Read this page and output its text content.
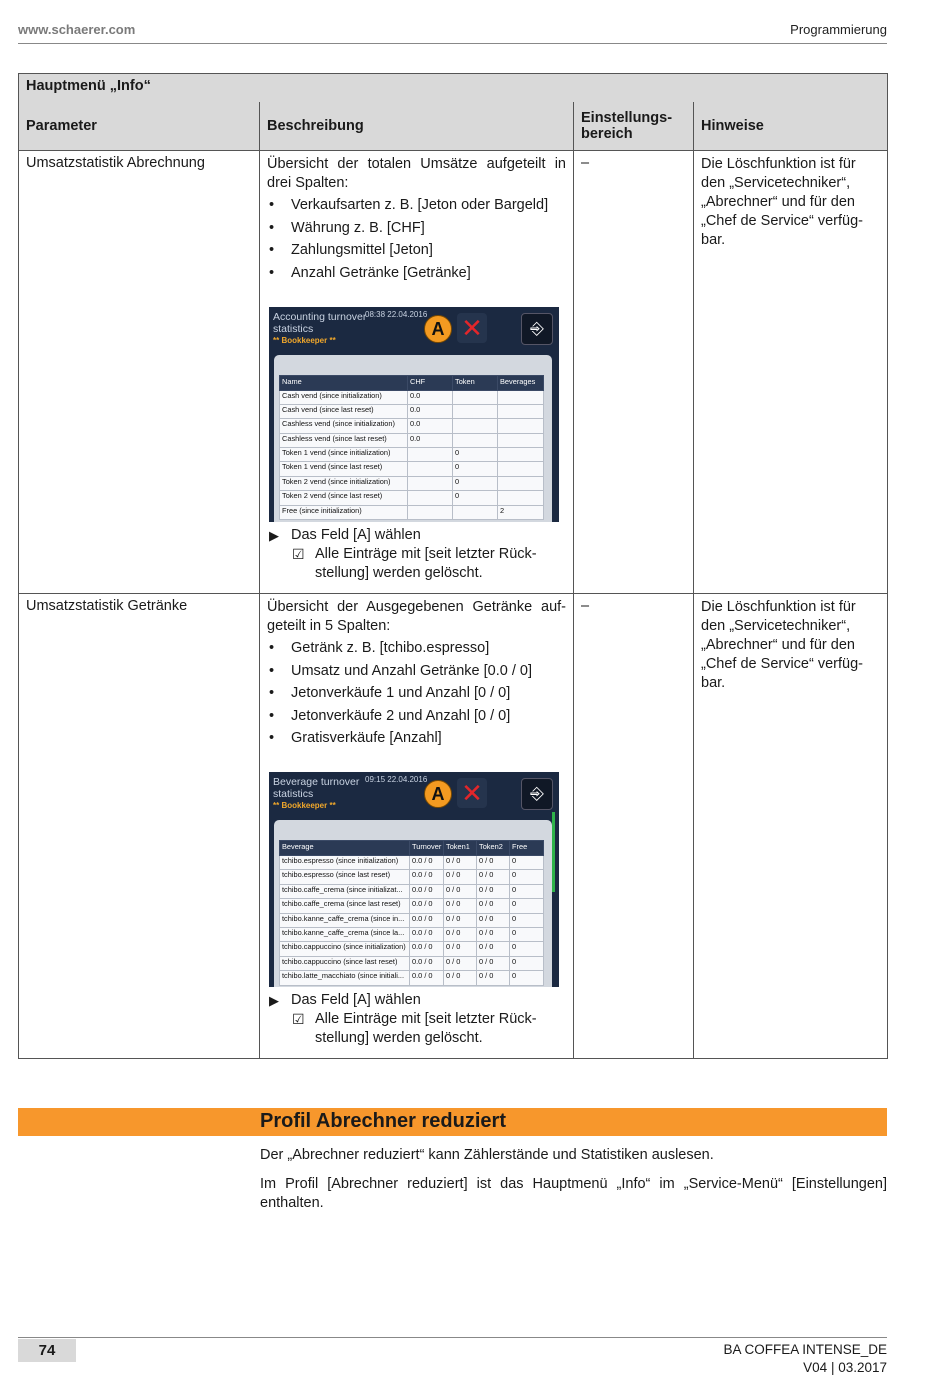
www.schaerer.com	Programmierung
Hauptmenü „Info“
Parameter	Beschreibung	Einstellungs-
bereich	Hinweise
Umsatzstatistik Abrechnung	Übersicht der totalen Umsätze aufgeteilt in drei Spalten:

• Verkaufsarten z. B. [Jeton oder Bargeld]
• Währung z. B. [CHF]
• Zahlungsmittel [Jeton]
• Anzahl Getränke [Getränke]
Accounting turnover statistics
08:38 22.04.2016
** Bookkeeper **
A ✕	⎆
Name	CHF	Token	Beverages
Cash vend (since initialization)	0.0		
Cash vend (since last reset)	0.0		
Cashless vend (since initialization)	0.0		
Cashless vend (since last reset)	0.0		
Token 1 vend (since initialization)		0	
Token 1 vend (since last reset)		0	
Token 2 vend (since initialization)		0	
Token 2 vend (since last reset)		0	
Free (since initialization)			2
▶ Das Feld [A] wählen
☑ Alle Einträge mit [seit letzter Rück-stellung] werden gelöscht.
	–	Die Löschfunktion ist für den „Servicetechniker“, „Abrechner“ und für den „Chef de Service“ verfüg-bar.
Umsatzstatistik Getränke	Übersicht der Ausgegebenen Getränke auf-geteilt in 5 Spalten:

• Getränk z. B. [tchibo.espresso]
• Umsatz und Anzahl Getränke [0.0 / 0]
• Jetonverkäufe 1 und Anzahl [0 / 0]
• Jetonverkäufe 2 und Anzahl [0 / 0]
• Gratisverkäufe [Anzahl]
Beverage turnover statistics
09:15 22.04.2016
** Bookkeeper **
A ✕	⎆
Beverage	Turnover	Token1	Token2	Free
tchibo.espresso (since initialization)	0.0 / 0	0 / 0	0 / 0	0
tchibo.espresso (since last reset)	0.0 / 0	0 / 0	0 / 0	0
tchibo.caffe_crema (since initializat...	0.0 / 0	0 / 0	0 / 0	0
tchibo.caffe_crema (since last reset)	0.0 / 0	0 / 0	0 / 0	0
tchibo.kanne_caffe_crema (since in...	0.0 / 0	0 / 0	0 / 0	0
tchibo.kanne_caffe_crema (since la...	0.0 / 0	0 / 0	0 / 0	0
tchibo.cappuccino (since initialization)	0.0 / 0	0 / 0	0 / 0	0
tchibo.cappuccino (since last reset)	0.0 / 0	0 / 0	0 / 0	0
tchibo.latte_macchiato (since initiali...	0.0 / 0	0 / 0	0 / 0	0
▶ Das Feld [A] wählen
☑ Alle Einträge mit [seit letzter Rück-stellung] werden gelöscht.
	–	Die Löschfunktion ist für den „Servicetechniker“, „Abrechner“ und für den „Chef de Service“ verfüg-bar.
Profil Abrechner reduziert

Der „Abrechner reduziert“ kann Zählerstände und Statistiken auslesen.

Im Profil [Abrechner reduziert] ist das Hauptmenü „Info“ im „Service-Menü“ [Einstellungen] enthalten.

74	BA COFFEA INTENSE_DE
V04 | 03.2017
